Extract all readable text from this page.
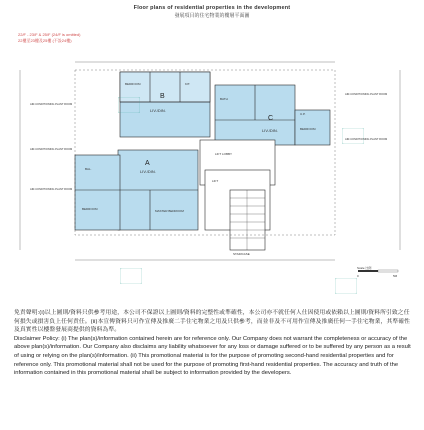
Floor plans of residential properties in the development
發展項目的住宅物業的樓層平面圖
22/F - 23/F & 25/F (24/F is omitted)
22樓至23樓及25樓 (不設24樓)
B
C
A
LIV./DIN.
LIV./DIN.
LIV./DIN.
BEDROOM
BEDROOM
BEDROOM
MASTER BEDROOM
LIFT LOBBY
LIFT
STAIRCASE
KIT.
BATH
BAL.
U.P.
AIR-CONDITIONING PLANT ROOM
AIR-CONDITIONING PLANT ROOM
AIR-CONDITIONING PLANT ROOM
AIR-CONDITIONING PLANT ROOM
AIR-CONDITIONING PLANT ROOM
0	5M
Scale 比例

免責聲明:(i)以上圖則/資料只供參考用途，本公司不保證以上圖則/資料的完整性或準確性，本公司亦不就任何人仕因使用或依賴以上圖則/資料所引致之任何損失或損害負上任何責任。(ii)本宣傳資料只可作宣傳及推廣二手住宅物業之用及只供參考，而並非及不可用作宣傳及推廣任何一手住宅物業，其準確性及真實性以樓盤發展商提供的資料為準。

Disclaimer Policy: (i) The plan(s)/information contained herein are for reference only. Our Company does not warrant the completeness or accuracy of the above plan(s)/information. Our Company also disclaims any liability whatsoever for any loss or damage suffered or to be suffered by any person as a result of using or relying on the plan(s)/information. (ii) This promotional material is for the purpose of promoting second-hand residential properties and for reference only. This promotional material shall not be used for the purpose of promoting first-hand residential properties. The accuracy and truth of the information contained in this promotional material shall be subject to information provided by the developers.
